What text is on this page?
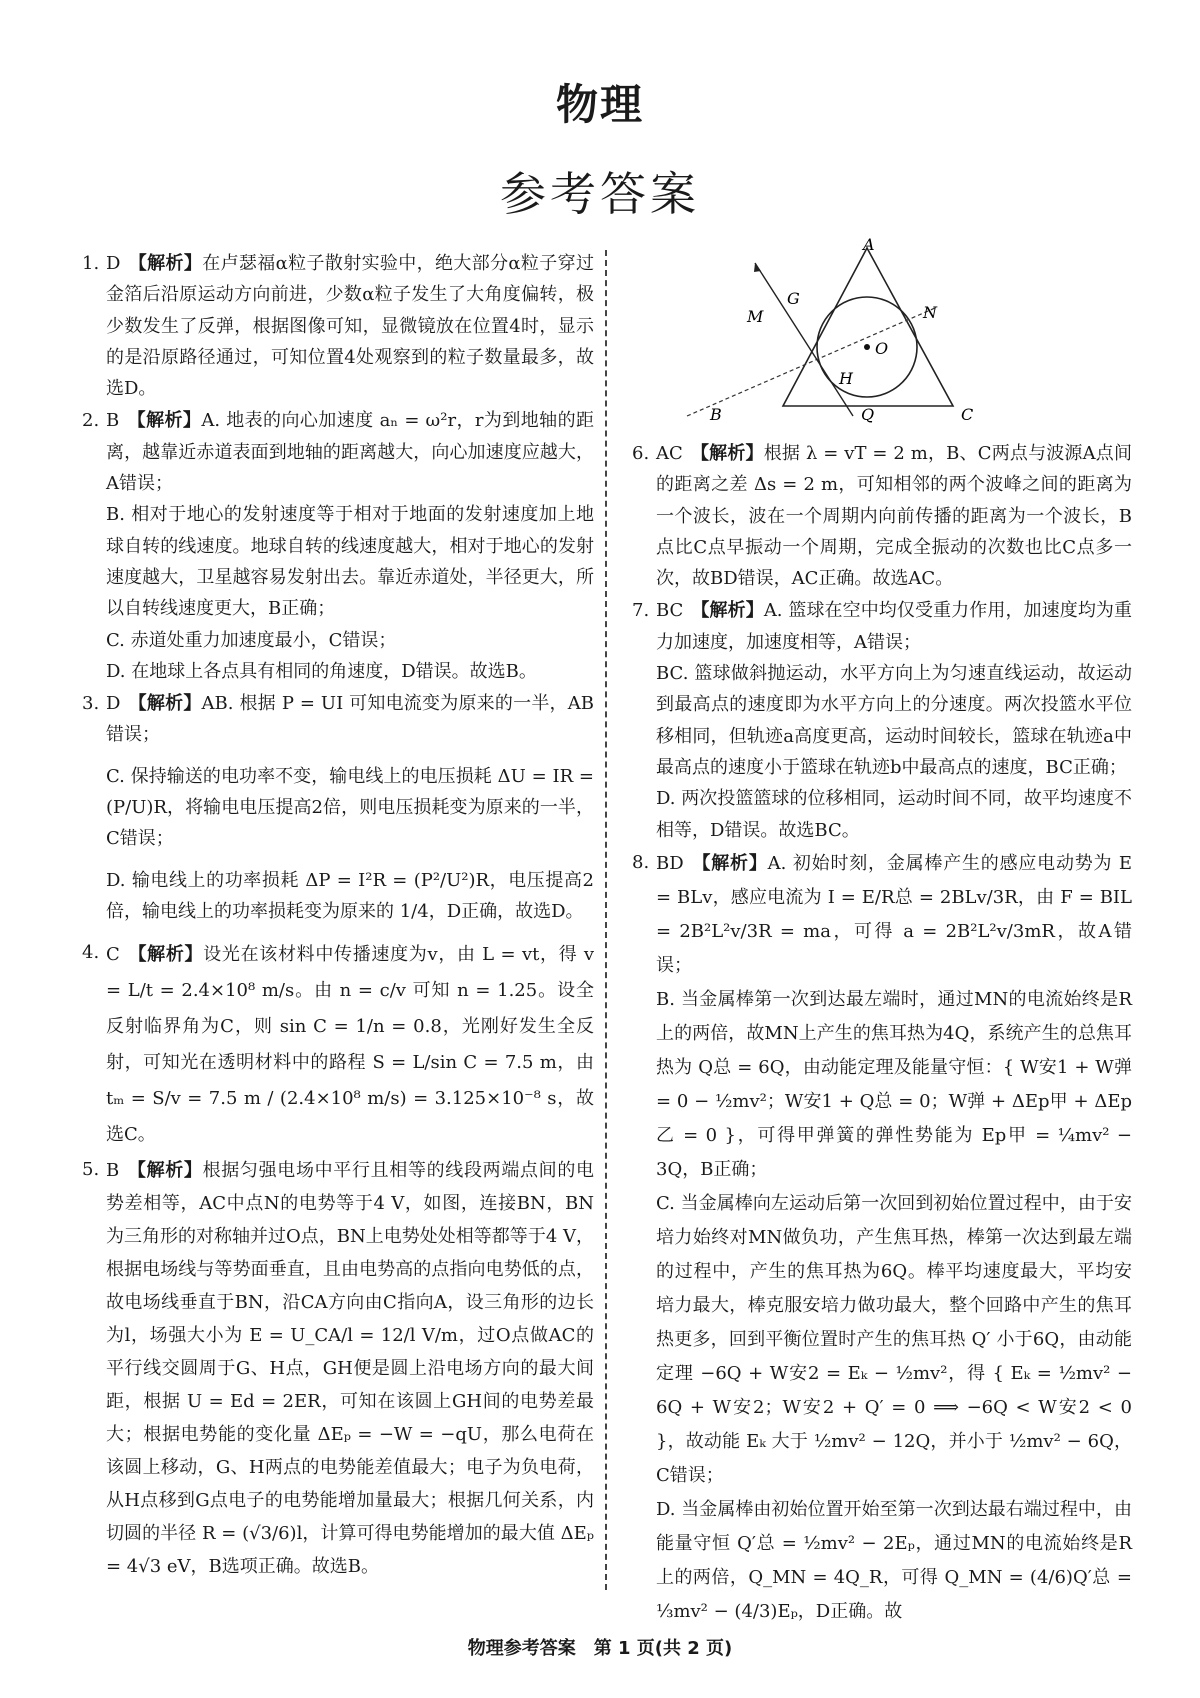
物理
参考答案
1. D 【解析】在卢瑟福α粒子散射实验中，绝大部分α粒子穿过金箔后沿原运动方向前进，少数α粒子发生了大角度偏转，极少数发生了反弹，根据图像可知，显微镜放在位置4时，显示的是沿原路径通过，可知位置4处观察到的粒子数量最多，故选D。
2. B 【解析】A. 地表的向心加速度 aₙ = ω²r，r为到地轴的距离，越靠近赤道表面到地轴的距离越大，向心加速度应越大，A错误；
B. 相对于地心的发射速度等于相对于地面的发射速度加上地球自转的线速度。地球自转的线速度越大，相对于地心的发射速度越大，卫星越容易发射出去。靠近赤道处，半径更大，所以自转线速度更大，B正确；
C. 赤道处重力加速度最小，C错误；
D. 在地球上各点具有相同的角速度，D错误。故选B。
3. D 【解析】AB. 根据 P = UI 可知电流变为原来的一半，AB错误；
C. 保持输送的电功率不变，输电线上的电压损耗 ΔU = IR = (P/U)R，将输电电压提高2倍，则电压损耗变为原来的一半，C错误；
D. 输电线上的功率损耗 ΔP = I²R = (P²/U²)R，电压提高2倍，输电线上的功率损耗变为原来的 1/4，D正确，故选D。
4. C 【解析】设光在该材料中传播速度为v，由 L = vt，得 v = L/t = 2.4×10⁸ m/s。由 n = c/v 可知 n = 1.25。设全反射临界角为C，则 sin C = 1/n = 0.8，光刚好发生全反射，可知光在透明材料中的路程 S = L/sin C = 7.5 m，由 tₘ = S/v = 7.5 m / (2.4×10⁸ m/s) = 3.125×10⁻⁸ s，故选C。
5. B 【解析】根据匀强电场中平行且相等的线段两端点间的电势差相等，AC中点N的电势等于4 V，如图，连接BN，BN为三角形的对称轴并过O点，BN上电势处处相等都等于4 V，根据电场线与等势面垂直，且由电势高的点指向电势低的点，故电场线垂直于BN，沿CA方向由C指向A，设三角形的边长为l，场强大小为 E = U_CA/l = 12/l V/m，过O点做AC的平行线交圆周于G、H点，GH便是圆上沿电场方向的最大间距，根据 U = Ed = 2ER，可知在该圆上GH间的电势差最大；根据电势能的变化量 ΔEₚ = −W = −qU，那么电荷在该圆上移动，G、H两点的电势能差值最大；电子为负电荷，从H点移到G点电子的电势能增加量最大；根据几何关系，内切圆的半径 R = (√3/6)l，计算可得电势能增加的最大值 ΔEₚ = 4√3 eV，B选项正确。故选B。
A
B	C
M	N
G
H
O
Q
6. AC 【解析】根据 λ = vT = 2 m，B、C两点与波源A点间的距离之差 Δs = 2 m，可知相邻的两个波峰之间的距离为一个波长，波在一个周期内向前传播的距离为一个波长，B点比C点早振动一个周期，完成全振动的次数也比C点多一次，故BD错误，AC正确。故选AC。
7. BC 【解析】A. 篮球在空中均仅受重力作用，加速度均为重力加速度，加速度相等，A错误；
BC. 篮球做斜抛运动，水平方向上为匀速直线运动，故运动到最高点的速度即为水平方向上的分速度。两次投篮水平位移相同，但轨迹a高度更高，运动时间较长，篮球在轨迹a中最高点的速度小于篮球在轨迹b中最高点的速度，BC正确；
D. 两次投篮篮球的位移相同，运动时间不同，故平均速度不相等，D错误。故选BC。
8. BD 【解析】A. 初始时刻，金属棒产生的感应电动势为 E = BLv，感应电流为 I = E/R总 = 2BLv/3R，由 F = BIL = 2B²L²v/3R = ma，可得 a = 2B²L²v/3mR，故A错误；
B. 当金属棒第一次到达最左端时，通过MN的电流始终是R上的两倍，故MN上产生的焦耳热为4Q，系统产生的总焦耳热为 Q总 = 6Q，由动能定理及能量守恒：{ W安1 + W弹 = 0 − ½mv²；W安1 + Q总 = 0；W弹 + ΔEp甲 + ΔEp乙 = 0 }，可得甲弹簧的弹性势能为 Ep甲 = ¼mv² − 3Q，B正确；
C. 当金属棒向左运动后第一次回到初始位置过程中，由于安培力始终对MN做负功，产生焦耳热，棒第一次达到最左端的过程中，产生的焦耳热为6Q。棒平均速度最大，平均安培力最大，棒克服安培力做功最大，整个回路中产生的焦耳热更多，回到平衡位置时产生的焦耳热 Q′ 小于6Q，由动能定理 −6Q + W安2 = Eₖ − ½mv²，得 { Eₖ = ½mv² − 6Q + W安2；W安2 + Q′ = 0 ⟹ −6Q < W安2 < 0 }，故动能 Eₖ 大于 ½mv² − 12Q，并小于 ½mv² − 6Q，C错误；
D. 当金属棒由初始位置开始至第一次到达最右端过程中，由能量守恒 Q′总 = ½mv² − 2Eₚ，通过MN的电流始终是R上的两倍，Q_MN = 4Q_R，可得 Q_MN = (4/6)Q′总 = ⅓mv² − (4/3)Eₚ，D正确。故
物理参考答案　第 1 页(共 2 页)
